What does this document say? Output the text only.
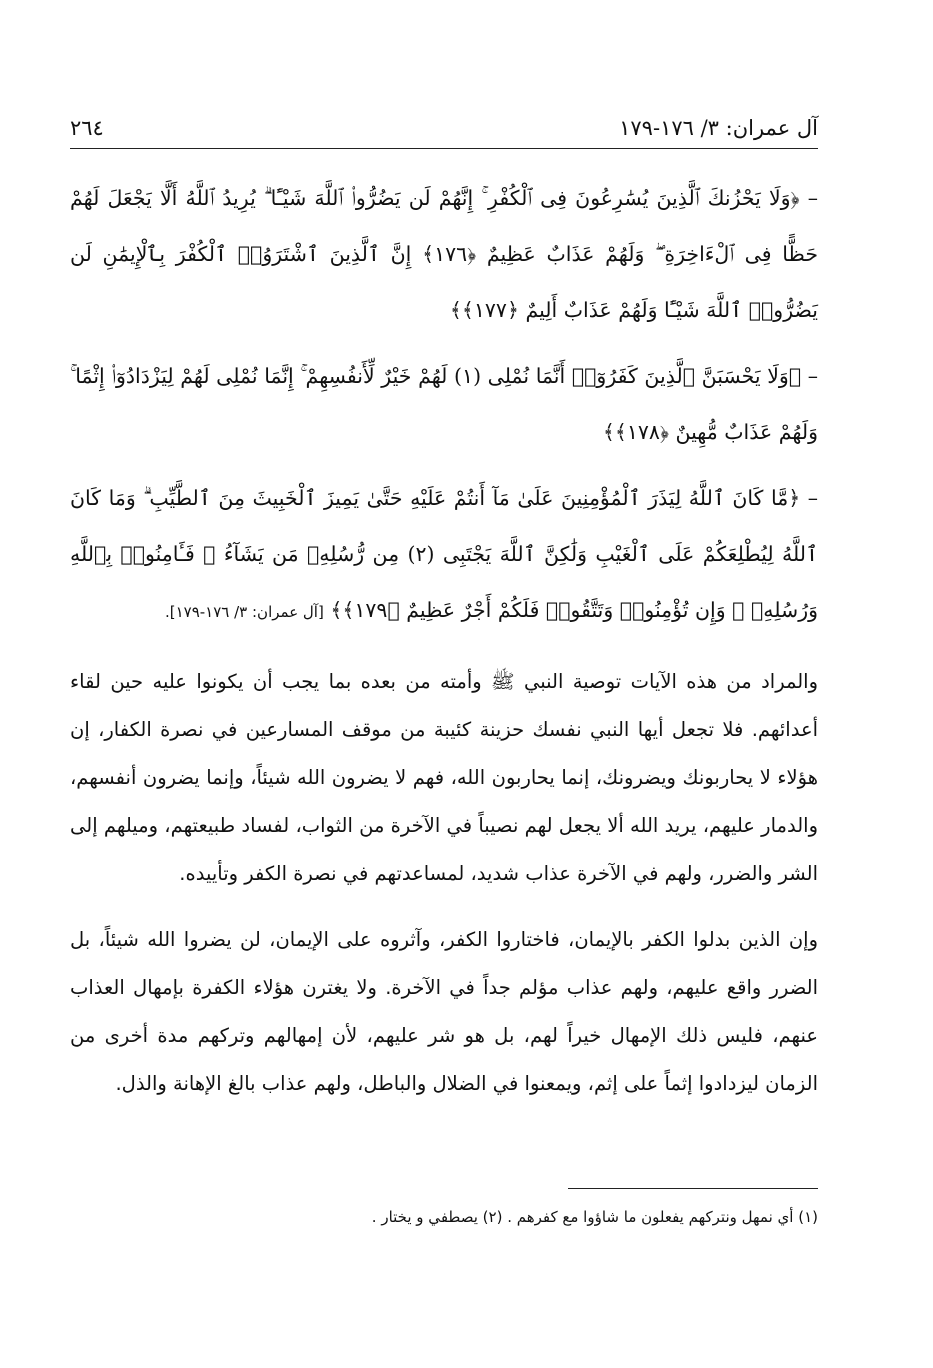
آل عمران: ٣/ ١٧٦-١٧٩
٢٦٤

– ﴿وَلَا يَحْزُنكَ ٱلَّذِينَ يُسَٰرِعُونَ فِى ٱلْكُفْرِ ۚ إِنَّهُمْ لَن يَضُرُّوا۟ ٱللَّهَ شَيْـًٔا ۗ يُرِيدُ ٱللَّهُ أَلَّا يَجْعَلَ لَهُمْ حَظًّا فِى ٱلْءَاخِرَةِ ۖ وَلَهُمْ عَذَابٌ عَظِيمٌ ﴿١٧٦﴾ إِنَّ ٱلَّذِينَ ٱشْتَرَوُا۟ ٱلْكُفْرَ بِٱلْإِيمَٰنِ لَن يَضُرُّوا۟ ٱللَّهَ شَيْـًٔا وَلَهُمْ عَذَابٌ أَلِيمٌ ﴿١٧٧﴾﴾

– ﴿وَلَا يَحْسَبَنَّ ٱلَّذِينَ كَفَرُوٓا۟ أَنَّمَا نُمْلِى (١) لَهُمْ خَيْرٌ لِّأَنفُسِهِمْ ۚ إِنَّمَا نُمْلِى لَهُمْ لِيَزْدَادُوٓا۟ إِثْمًا ۚ وَلَهُمْ عَذَابٌ مُّهِينٌ ﴿١٧٨﴾﴾

– ﴿مَّا كَانَ ٱللَّهُ لِيَذَرَ ٱلْمُؤْمِنِينَ عَلَىٰ مَآ أَنتُمْ عَلَيْهِ حَتَّىٰ يَمِيزَ ٱلْخَبِيثَ مِنَ ٱلطَّيِّبِ ۗ وَمَا كَانَ ٱللَّهُ لِيُطْلِعَكُمْ عَلَى ٱلْغَيْبِ وَلَٰكِنَّ ٱللَّهَ يَجْتَبِى (٢) مِن رُّسُلِهِۦ مَن يَشَآءُ ۖ فَـَٔامِنُوا۟ بِٱللَّهِ وَرُسُلِهِۦ ۚ وَإِن تُؤْمِنُوا۟ وَتَتَّقُوا۟ فَلَكُمْ أَجْرٌ عَظِيمٌ ﴿١٧٩﴾﴾ [آل عمران: ٣/ ١٧٦-١٧٩].

والمراد من هذه الآيات توصية النبي ﷺ وأمته من بعده بما يجب أن يكونوا عليه حين لقاء أعدائهم. فلا تجعل أيها النبي نفسك حزينة كئيبة من موقف المسارعين في نصرة الكفار، إن هؤلاء لا يحاربونك ويضرونك، إنما يحاربون الله، فهم لا يضرون الله شيئاً، وإنما يضرون أنفسهم، والدمار عليهم، يريد الله ألا يجعل لهم نصيباً في الآخرة من الثواب، لفساد طبيعتهم، وميلهم إلى الشر والضرر، ولهم في الآخرة عذاب شديد، لمساعدتهم في نصرة الكفر وتأييده.

وإن الذين بدلوا الكفر بالإيمان، فاختاروا الكفر، وآثروه على الإيمان، لن يضروا الله شيئاً، بل الضرر واقع عليهم، ولهم عذاب مؤلم جداً في الآخرة. ولا يغترن هؤلاء الكفرة بإمهال العذاب عنهم، فليس ذلك الإمهال خيراً لهم، بل هو شر عليهم، لأن إمهالهم وتركهم مدة أخرى من الزمان ليزدادوا إثماً على إثم، ويمعنوا في الضلال والباطل، ولهم عذاب بالغ الإهانة والذل.

(١) أي نمهل ونتركهم يفعلون ما شاؤوا مع كفرهم . (٢) يصطفي و يختار .
